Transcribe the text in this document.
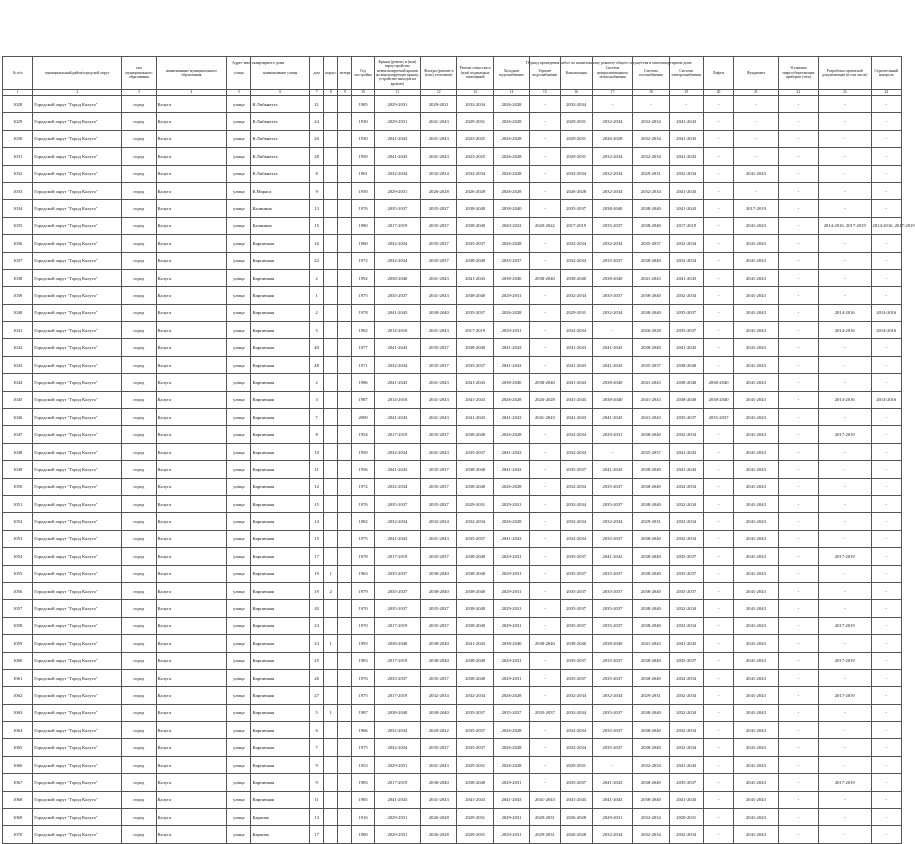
Адрес многоквартирного дома	Период проведения работ по капитальному ремонту общего имущества в многоквартирном доме
№ п/п	муниципальный район/городской округ	тип муниципального образования	наименование муниципального образования	улица	наименование улицы	дом	корпус	литера	Год постройки	Крыша (ремонт и (или) переустройство невентилируемой крыши на вентилируемую крышу, устройство выходов на кровлю)	Фасады (ремонт и (или) утепление)	Ремонт отмостки и (или) подвальных помещений	Холодное водоснабжение	Горячее водоснабжение	Канализация	Система централизованного теплоснабжения	Система газоснабжения	Система электроснабжения	Лифты	Фундамент	Установка энергосберегающих приборов учета	Разработка проектной документации (в том числе)	Строительный контроль
1	2	3	4	5	6	7	8	9	10	11	12	13	14	15	16	17	18	19	20	21	22	23	24
1028	Городской округ "Город Калуга"	город	Калуга	улица	К.Либкнехта	21			1985	2029-2031	2029-2031	2032-2034	2026-2028	-	2032-2034	-	-	-	-	-	-	-	-
1029	Городской округ "Город Калуга"	город	Калуга	улица	К.Либкнехта	24			1930	2029-2031	2041-2043	2029-2031	2026-2028	-	2029-2031	2032-2034	2032-2034	2041-2043	-	-	-	-	-
1030	Городской округ "Город Калуга"	город	Калуга	улица	К.Либкнехта	26			1930	2041-2043	2041-2043	2023-2025	2026-2028	-	2029-2031	2026-2028	2032-2034	2041-2043	-	-	-	-	-
1031	Городской округ "Город Калуга"	город	Калуга	улица	К.Либкнехта	28			1950	2041-2043	2041-2043	2023-2025	2026-2028	-	2029-2031	2032-2034	2032-2034	2041-2043	-	-	-	-	-
1032	Городской округ "Город Калуга"	город	Калуга	улица	К.Либкнехта	8			1961	2032-2034	2032-2034	2032-2034	2026-2028	-	2032-2034	2032-2034	2029-2031	2032-2034	-	2041-2043	-	-	-
1033	Городской округ "Город Калуга"	город	Калуга	улица	К.Маркса	9			1950	2029-2031	2026-2028	2026-2028	2026-2028	-	2026-2028	2032-2034	2032-2034	2041-2043	-	-	-	-	-
1034	Городской округ "Город Калуга"	город	Калуга	улица	Калинина	13			1976	2035-2037	2035-2037	2038-2040	2038-2040	-	2035-2037	2038-2040	2038-2040	2041-2043	-	2017-2019	-	-	-
1035	Городской округ "Город Калуга"	город	Калуга	улица	Калинина	15			1980	2017-2019	2035-2037	2038-2040	2020-2022	2020-2022	2017-2019	2035-2037	2038-2040	2017-2019	-	2041-2043	-	2014-2016, 2017-2019	2014-2016, 2017-2019
1036	Городской округ "Город Калуга"	город	Калуга	улица	Кирпичная	16			1960	2032-2034	2035-2037	2035-2037	2026-2028	-	2032-2034	2032-2034	2035-2037	2032-2034	-	2041-2043	-	-	-
1037	Городской округ "Город Калуга"	город	Калуга	улица	Кирпичная	22			1972	2032-2034	2035-2037	2038-2040	2035-2037	-	2032-2034	2035-2037	2038-2040	2032-2034	-	2041-2043	-	-	-
1038	Городской округ "Город Калуга"	город	Калуга	улица	Кирпичная	2			1992	2038-2040	2041-2043	2041-2043	2038-2040	2038-2040	2038-2040	2038-2040	2041-2043	2041-2043	-	2041-2043	-	-	-
1039	Городской округ "Город Калуга"	город	Калуга	улица	Кирпичная	1			1975	2035-2037	2041-2043	2038-2040	2029-2031	-	2032-2034	2035-2037	2038-2040	2032-2034	-	2041-2043	-	-	-
1040	Городской округ "Город Калуга"	город	Калуга	улица	Кирпичная	2			1978	2041-2043	2038-2040	2035-2037	2026-2028	-	2029-2031	2032-2034	2038-2040	2035-2037	-	2041-2043	-	2014-2016	2014-2016
1041	Городской округ "Город Калуга"	город	Калуга	улица	Кирпичная	5			1982	2014-2016	2041-2043	2017-2019	2029-2031	-	2032-2034	-	2026-2028	2035-2037	-	2041-2043	-	2014-2016	2014-2016
1042	Городской округ "Город Калуга"	город	Калуга	улица	Кирпичная	40			1977	2041-2043	2035-2037	2038-2040	2041-2043	-	2041-2043	2041-2043	2038-2040	2041-2043	-	2041-2043	-	-	-
1043	Городской округ "Город Калуга"	город	Калуга	улица	Кирпичная	48			1971	2032-2034	2035-2037	2035-2037	2041-2043	-	2041-2043	2041-2043	2035-2037	2038-2040	-	2041-2043	-	-	-
1044	Городской округ "Город Калуга"	город	Калуга	улица	Кирпичная	2			1986	2041-2043	2041-2043	2041-2043	2038-2040	2038-2040	2041-2043	2038-2040	2041-2043	2038-2040	2038-2040	2041-2043	-	-	-
1045	Городской округ "Город Калуга"	город	Калуга	улица	Кирпичная	3			1987	2014-2016	2041-2043	2041-2043	2026-2028	2026-2028	2041-2043	2038-2040	2041-2043	2038-2040	2038-2040	2041-2043	-	2014-2016	2014-2016
1046	Городской округ "Город Калуга"	город	Калуга	улица	Кирпичная	7			2000	2041-2043	2041-2043	2041-2043	2041-2043	2041-2043	2041-2043	2041-2043	2041-2043	2035-2037	2035-2037	2041-2043	-	-	-
1047	Городской округ "Город Калуга"	город	Калуга	улица	Кирпичная	8			1954	2017-2019	2035-2037	2038-2040	2026-2028	-	2032-2034	2029-2031	2038-2040	2032-2034	-	2041-2043	-	2017-2019	-
1048	Городской округ "Город Калуга"	город	Калуга	улица	Кирпичная	10			1950	2032-2034	2041-2043	2035-2037	2041-2043	-	2032-2034	-	2035-2037	2041-2043	-	2041-2043	-	-	-
1049	Городской округ "Город Калуга"	город	Калуга	улица	Кирпичная	11			1956	2041-2043	2035-2037	2038-2040	2041-2043	-	2035-2037	2041-2043	2038-2040	2041-2043	-	2041-2043	-	-	-
1050	Городской округ "Город Калуга"	город	Калуга	улица	Кирпичная	12			1972	2032-2034	2035-2037	2038-2040	2026-2028	-	2032-2034	2035-2037	2038-2040	2032-2034	-	2041-2043	-	-	-
1051	Городской округ "Город Калуга"	город	Калуга	улица	Кирпичная	15			1976	2035-2037	2035-2037	2029-2031	2029-2031	-	2032-2034	2035-2037	2038-2040	2032-2034	-	2041-2043	-	-	-
1052	Городской округ "Город Калуга"	город	Калуга	улица	Кирпичная	14			1982	2032-2034	2032-2034	2032-2034	2026-2028	-	2032-2034	2032-2034	2029-2031	2032-2034	-	2041-2043	-	-	-
1053	Городской округ "Город Калуга"	город	Калуга	улица	Кирпичная	15			1975	2041-2043	2041-2043	2035-2037	2041-2043	-	2032-2034	2035-2037	2038-2040	2032-2034	-	2041-2043	-	-	-
1054	Городской округ "Город Калуга"	город	Калуга	улица	Кирпичная	17			1978	2017-2019	2035-2037	2038-2040	2029-2031	-	2035-2037	2041-2043	2038-2040	2035-2037	-	2041-2043	-	2017-2019	-
1055	Городской округ "Город Калуга"	город	Калуга	улица	Кирпичная	19	1		1963	2035-2037	2038-2040	2038-2040	2029-2031	-	2035-2037	2035-2037	2038-2040	2035-2037	-	2041-2043	-	-	-
1056	Городской округ "Город Калуга"	город	Калуга	улица	Кирпичная	19	2		1979	2035-2037	2038-2040	2038-2040	2029-2031	-	2035-2037	2035-2037	2038-2040	2035-2037	-	2041-2043	-	-	-
1057	Городской округ "Город Калуга"	город	Калуга	улица	Кирпичная	20			1970	2035-2037	2035-2037	2038-2040	2029-2031	-	2035-2037	2035-2037	2038-2040	2032-2034	-	2041-2043	-	-	-
1058	Городской округ "Город Калуга"	город	Калуга	улица	Кирпичная	23			1970	2017-2019	2035-2037	2038-2040	2029-2031	-	2035-2037	2035-2037	2038-2040	2032-2034	-	2041-2043	-	2017-2019	-
1059	Городской округ "Город Калуга"	город	Калуга	улица	Кирпичная	23	1		1993	2038-2040	2038-2040	2041-2043	2038-2040	2038-2040	2038-2040	2038-2040	2041-2043	2041-2043	-	2041-2043	-	-	-
1060	Городской округ "Город Калуга"	город	Калуга	улица	Кирпичная	25			1983	2017-2019	2038-2040	2038-2040	2029-2031	-	2035-2037	2035-2037	2038-2040	2035-2037	-	2041-2043	-	2017-2019	-
1061	Городской округ "Город Калуга"	город	Калуга	улица	Кирпичная	26			1976	2035-2037	2035-2037	2038-2040	2029-2031	-	2035-2037	2035-2037	2038-2040	2032-2034	-	2041-2043	-	-	-
1062	Городской округ "Город Калуга"	город	Калуга	улица	Кирпичная	27			1975	2017-2019	2032-2034	2032-2034	2026-2028	-	2032-2034	2032-2034	2029-2031	2032-2034	-	2041-2043	-	2017-2019	-
1063	Городской округ "Город Калуга"	город	Калуга	улица	Кирпичная	5	1		1987	2038-2040	2038-2040	2035-2037	2035-2037	2035-2037	2032-2034	2035-2037	2038-2040	2032-2034	-	2041-2043	-	-	-
1064	Городской округ "Город Калуга"	город	Калуга	улица	Кирпичная	6			1966	2032-2034	2020-2022	2035-2037	2026-2028	-	2032-2034	2035-2037	2038-2040	2032-2034	-	2041-2043	-	-	-
1065	Городской округ "Город Калуга"	город	Калуга	улица	Кирпичная	7			1975	2032-2034	2035-2037	2035-2037	2026-2028	-	2032-2034	2035-2037	2038-2040	2032-2034	-	2041-2043	-	-	-
1066	Городской округ "Город Калуга"	город	Калуга	улица	Кирпичная	9			1953	2029-2031	2041-2043	2029-2031	2026-2028	-	2029-2031	-	2032-2034	2041-2043	-	2041-2043	-	-	-
1067	Городской округ "Город Калуга"	город	Калуга	улица	Кирпичная	9			1983	2017-2019	2038-2040	2038-2040	2029-2031	-	2035-2037	2041-2043	2038-2040	2035-2037	-	2041-2043	-	2017-2019	-
1068	Городской округ "Город Калуга"	город	Калуга	улица	Кирпичная	11			1985	2041-2043	2041-2043	2041-2043	2041-2043	2041-2043	2041-2043	2041-2043	2038-2040	2041-2043	-	2041-2043	-	-	-
1069	Городской округ "Город Калуга"	город	Калуга	улица	Карпова	13			1916	2029-2031	2026-2028	2029-2031	2029-2031	2029-2031	2026-2028	2029-2031	2032-2034	2029-2031	-	2041-2043	-	-	-
1070	Городской округ "Город Калуга"	город	Калуга	улица	Карпова	17			1900	2029-2031	2026-2028	2029-2031	2029-2031	2029-2031	2026-2028	2032-2034	2032-2034	2032-2034	-	2041-2043	-	-	-
